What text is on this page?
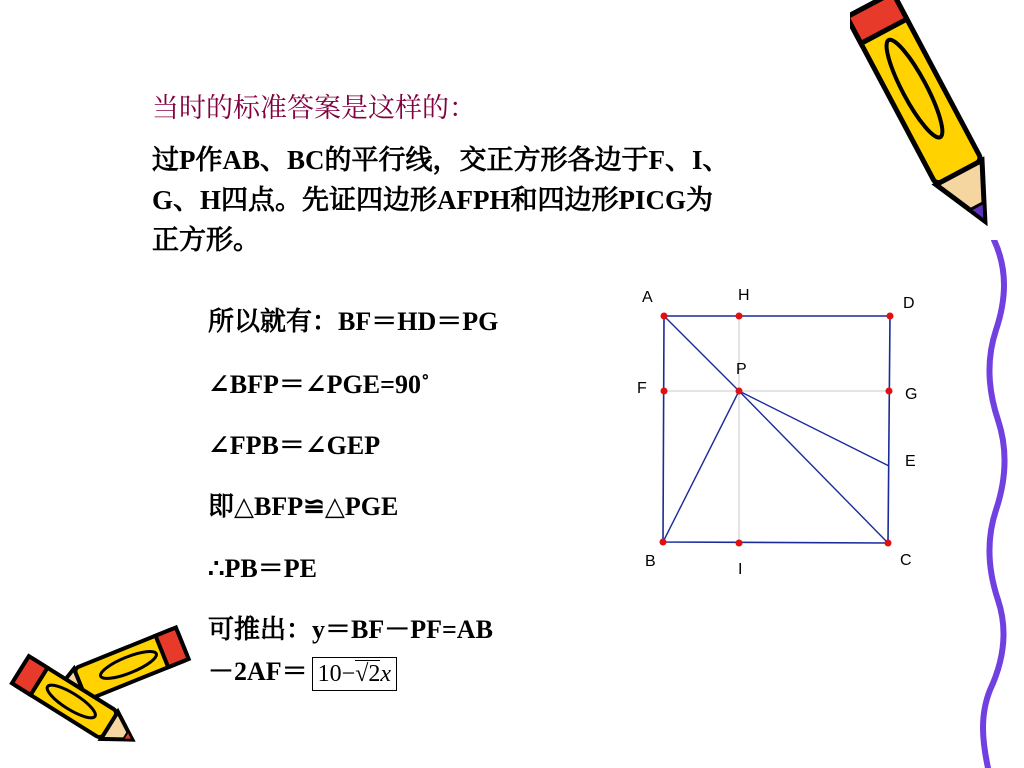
当时的标准答案是这样的：
过P作AB、BC的平行线，交正方形各边于F、I、
G、H四点。先证四边形AFPH和四边形PICG为
正方形。
所以就有：BF＝HD＝PG
∠BFP＝∠PGE=90˚
∠FPB＝∠GEP
即△BFP≌△PGE
∴PB＝PE
可推出：y＝BF－PF=AB
－2AF＝ 10−√2x
A	H	D
F
P
G
E
B	I
C
